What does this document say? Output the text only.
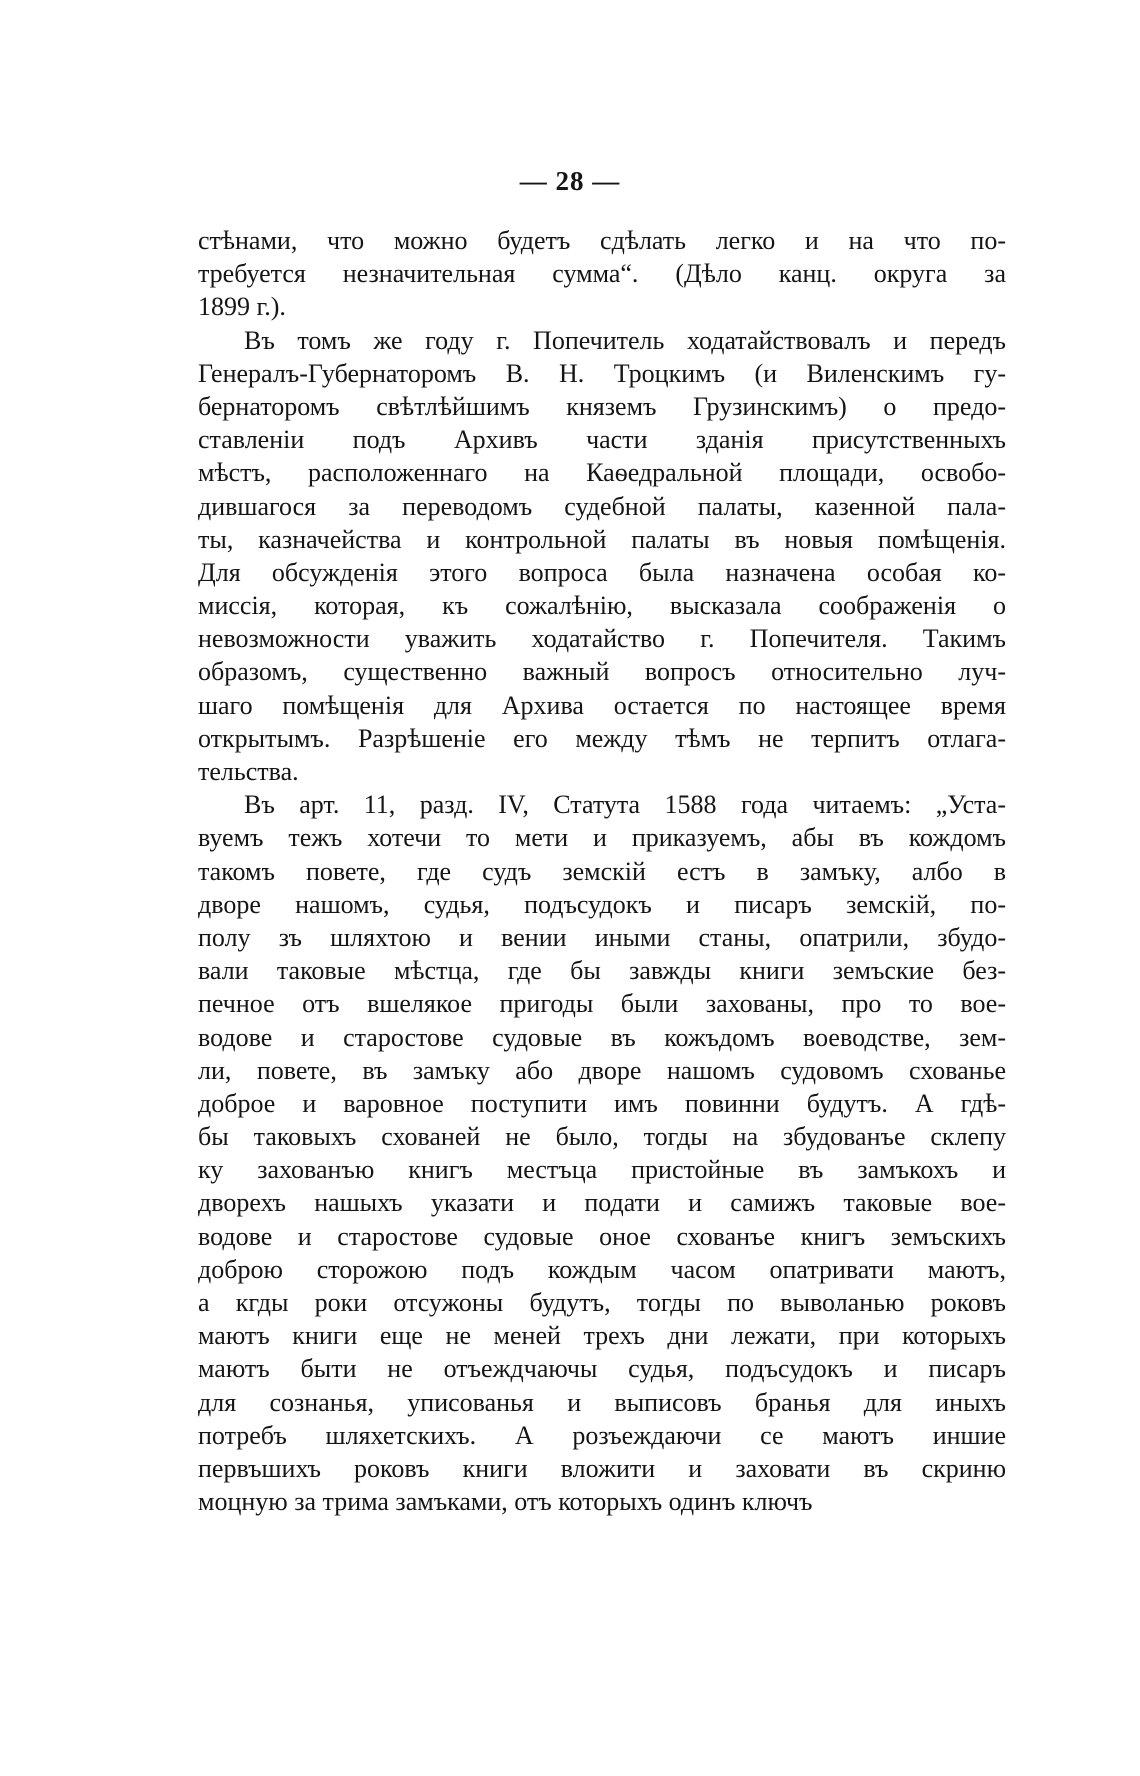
— 28 —
стѣнами, что можно будетъ сдѣлать легко и на что по-
требуется незначительная сумма“. (Дѣло канц. округа за
1899 г.).
Въ томъ же году г. Попечитель ходатайствовалъ и передъ
Генералъ-Губернаторомъ В. Н. Троцкимъ (и Виленскимъ гу-
бернаторомъ свѣтлѣйшимъ княземъ Грузинскимъ) о предо-
ставленіи подъ Архивъ части зданія присутственныхъ
мѣстъ, расположеннаго на Каѳедральной площади, освобо-
дившагося за переводомъ судебной палаты, казенной пала-
ты, казначейства и контрольной палаты въ новыя помѣщенія.
Для обсужденія этого вопроса была назначена особая ко-
миссія, которая, къ сожалѣнію, высказала соображенія о
невозможности уважить ходатайство г. Попечителя. Такимъ
образомъ, существенно важный вопросъ относительно луч-
шаго помѣщенія для Архива остается по настоящее время
открытымъ. Разрѣшеніе его между тѣмъ не терпитъ отлага-
тельства.
Въ арт. 11, разд. IV, Статута 1588 года читаемъ: „Уста-
вуемъ тежъ хотечи то мети и приказуемъ, абы въ кождомъ
такомъ повете, где судъ земскій естъ в замъку, албо в
дворе нашомъ, судья, подъсудокъ и писаръ земскій, по-
полу зъ шляхтою и вении иными станы, опатрили, збудо-
вали таковые мѣстца, где бы завжды книги земъские без-
печное отъ вшелякое пригоды были захованы, про то вое-
водове и старостове судовые въ кожъдомъ воеводстве, зем-
ли, повете, въ замъку або дворе нашомъ судовомъ схованье
доброе и варовное поступити имъ повинни будутъ. А гдѣ-
бы таковыхъ схованей не было, тогды на збудованъе склепу
ку захованъю книгъ местъца пристойные въ замъкохъ и
дворехъ нашыхъ указати и подати и самижъ таковые вое-
водове и старостове судовые оное схованъе книгъ земъскихъ
доброю сторожою подъ кождым часом опатривати маютъ,
а кгды роки отсужоны будутъ, тогды по выволанью роковъ
маютъ книги еще не меней трехъ дни лежати, при которыхъ
маютъ быти не отъеждчаючы судья, подъсудокъ и писаръ
для сознанья, уписованья и выписовъ бранья для иныхъ
потребъ шляхетскихъ. А розъеждаючи се маютъ иншие
первъшихъ роковъ книги вложити и заховати въ скриню
моцную за трима замъками, отъ которыхъ одинъ ключъ
